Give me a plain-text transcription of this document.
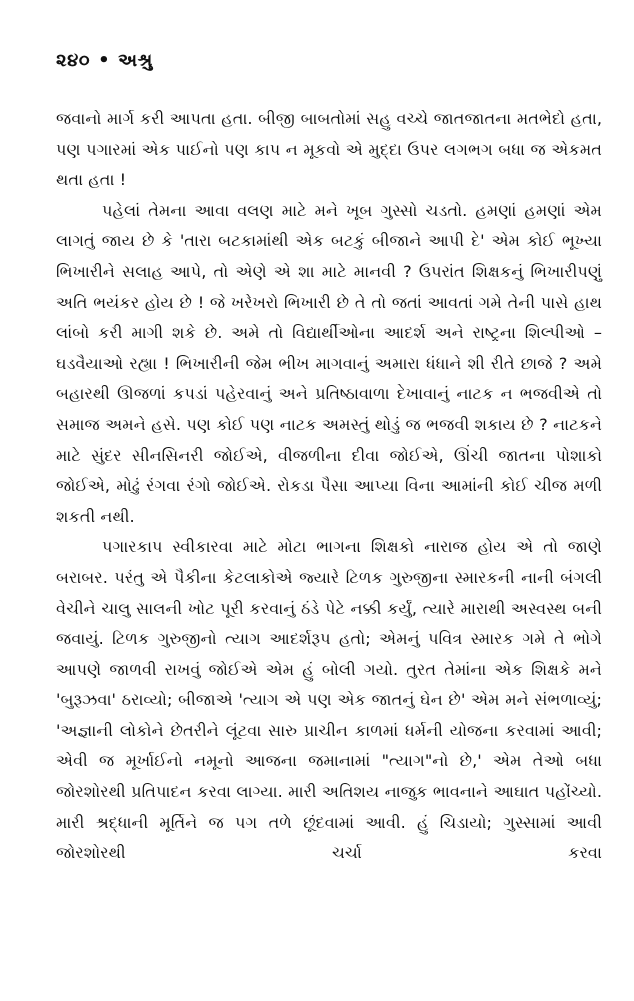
૨૪૦ • અશ્રુ

જવાનો માર્ગ કરી આપતા હતા. બીજી બાબતોમાં સહુ વચ્ચે જાતજાતના મતભેદો હતા, પણ પગારમાં એક પાઈનો પણ કાપ ન મૂકવો એ મુદ્દા ઉપર લગભગ બધા જ એકમત થતા હતા !

પહેલાં તેમના આવા વલણ માટે મને ખૂબ ગુસ્સો ચડતો. હમણાં હમણાં એમ લાગતું જાય છે કે 'તારા બટકામાંથી એક બટકું બીજાને આપી દે' એમ કોઈ ભૂખ્યા ભિખારીને સલાહ આપે, તો એણે એ શા માટે માનવી ? ઉપરાંત શિક્ષકનું ભિખારીપણું અતિ ભયંકર હોય છે ! જે ખરેખરો ભિખારી છે તે તો જતાં આવતાં ગમે તેની પાસે હાથ લાંબો કરી માગી શકે છે. અમે તો વિદ્યાર્થીઓના આદર્શ અને રાષ્ટ્રના શિલ્પીઓ – ઘડવૈયાઓ રહ્યા ! ભિખારીની જેમ ભીખ માગવાનું અમારા ધંધાને શી રીતે છાજે ? અમે બહારથી ઊજળાં કપડાં પહેરવાનું અને પ્રતિષ્ઠાવાળા દેખાવાનું નાટક ન ભજવીએ તો સમાજ અમને હસે. પણ કોઈ પણ નાટક અમસ્તું થોડું જ ભજવી શકાય છે ? નાટકને માટે સુંદર સીનસિનરી જોઈએ, વીજળીના દીવા જોઈએ, ઊંચી જાતના પોશાકો જોઈએ, મોઢું રંગવા રંગો જોઈએ. રોકડા પૈસા આપ્યા વિના આમાંની કોઈ ચીજ મળી શકતી નથી.

પગારકાપ સ્વીકારવા માટે મોટા ભાગના શિક્ષકો નારાજ હોય એ તો જાણે બરાબર. પરંતુ એ પૈકીના કેટલાકોએ જ્યારે ટિળક ગુરુજીના સ્મારકની નાની બંગલી વેચીને ચાલુ સાલની ખોટ પૂરી કરવાનું ઠંડે પેટે નક્કી કર્યું, ત્યારે મારાથી અસ્વસ્થ બની જવાયું. ટિળક ગુરુજીનો ત્યાગ આદર્શરૂપ હતો; એમનું પવિત્ર સ્મારક ગમે તે ભોગે આપણે જાળવી રાખવું જોઈએ એમ હું બોલી ગયો. તુરત તેમાંના એક શિક્ષકે મને 'બુરૂઝવા' ઠરાવ્યો; બીજાએ 'ત્યાગ એ પણ એક જાતનું ઘેન છે' એમ મને સંભળાવ્યું; 'અજ્ઞાની લોકોને છેતરીને લૂંટવા સારુ પ્રાચીન કાળમાં ધર્મની યોજના કરવામાં આવી; એવી જ મૂર્ખાઈનો નમૂનો આજના જમાનામાં "ત્યાગ"નો છે,' એમ તેઓ બધા જોરશોરથી પ્રતિપાદન કરવા લાગ્યા. મારી અતિશય નાજુક ભાવનાને આઘાત પહોંચ્યો. મારી શ્રદ્ધાની મૂર્તિને જ પગ તળે છૂંદવામાં આવી. હું ચિડાયો; ગુસ્સામાં આવી જોરશોરથી ચર્ચા કરવા
